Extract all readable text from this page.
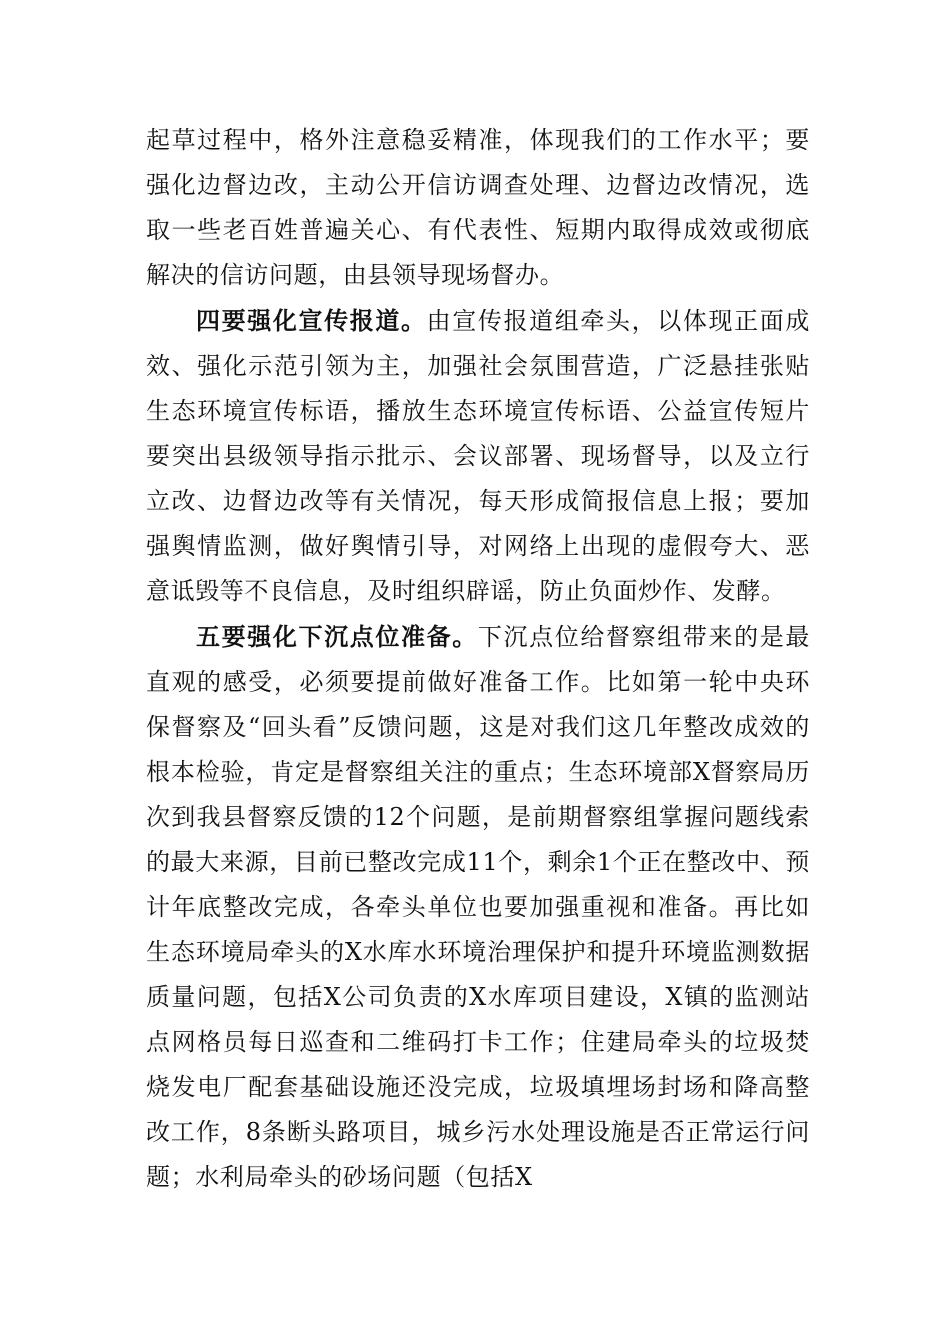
起草过程中，格外注意稳妥精准，体现我们的工作水平；要强化边督边改，主动公开信访调查处理、边督边改情况，选取一些老百姓普遍关心、有代表性、短期内取得成效或彻底解决的信访问题，由县领导现场督办。

四要强化宣传报道。由宣传报道组牵头，以体现正面成效、强化示范引领为主，加强社会氛围营造，广泛悬挂张贴生态环境宣传标语，播放生态环境宣传标语、公益宣传短片要突出县级领导指示批示、会议部署、现场督导，以及立行立改、边督边改等有关情况，每天形成简报信息上报；要加强舆情监测，做好舆情引导，对网络上出现的虚假夸大、恶意诋毁等不良信息，及时组织辟谣，防止负面炒作、发酵。

五要强化下沉点位准备。下沉点位给督察组带来的是最直观的感受，必须要提前做好准备工作。比如第一轮中央环保督察及“回头看”反馈问题，这是对我们这几年整改成效的根本检验，肯定是督察组关注的重点；生态环境部X督察局历次到我县督察反馈的12个问题，是前期督察组掌握问题线索的最大来源，目前已整改完成11个，剩余1个正在整改中、预计年底整改完成，各牵头单位也要加强重视和准备。再比如生态环境局牵头的X水库水环境治理保护和提升环境监测数据质量问题，包括X公司负责的X水库项目建设，X镇的监测站点网格员每日巡查和二维码打卡工作；住建局牵头的垃圾焚烧发电厂配套基础设施还没完成，垃圾填埋场封场和降高整改工作，8条断头路项目，城乡污水处理设施是否正常运行问题；水利局牵头的砂场问题（包括X
